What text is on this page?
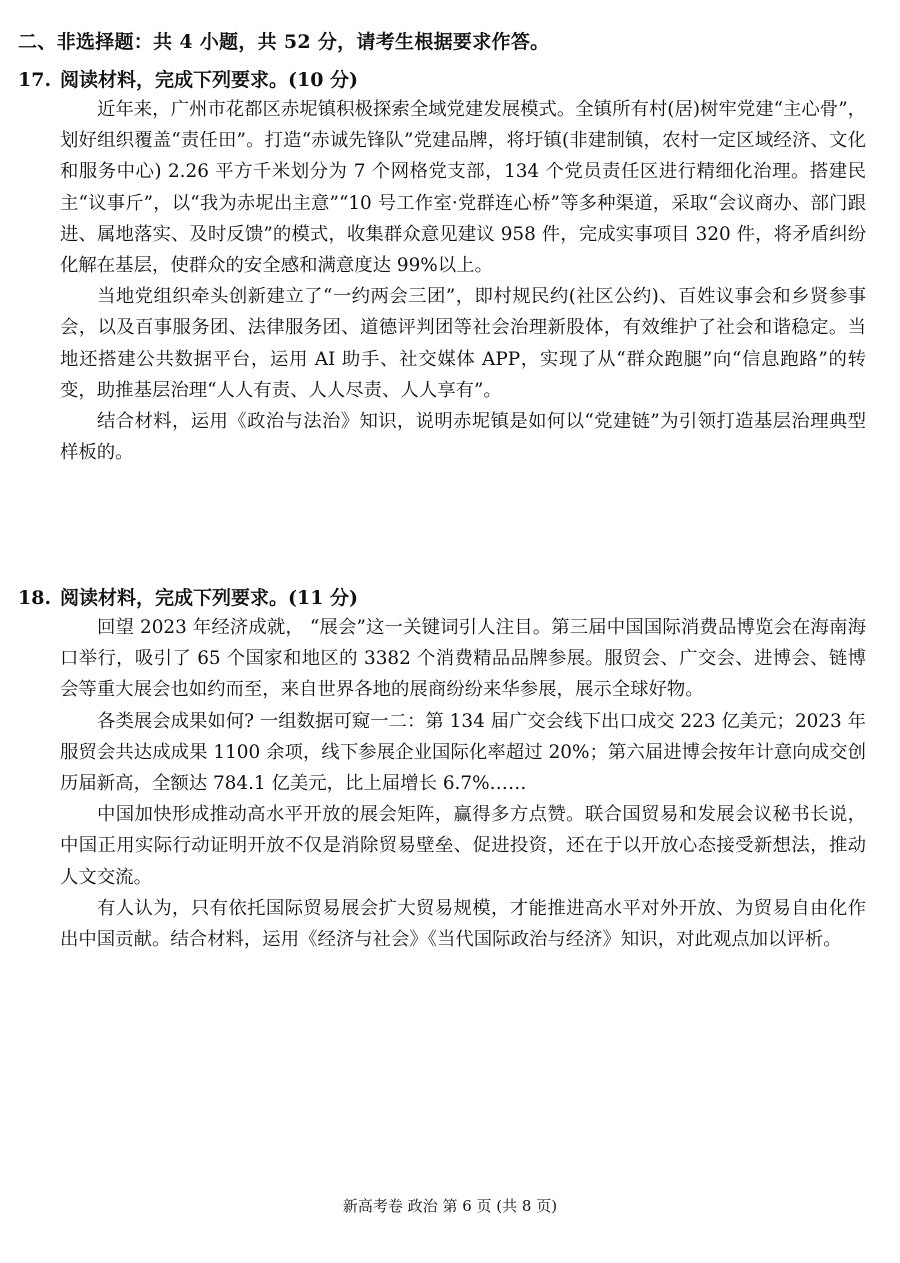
二、非选择题：共 4 小题，共 52 分，请考生根据要求作答。
17. 阅读材料，完成下列要求。(10 分)

近年来，广州市花都区赤坭镇积极探索全域党建发展模式。全镇所有村(居)树牢党建“主心骨”，划好组织覆盖“责任田”。打造“赤诚先锋队”党建品牌，将圩镇(非建制镇，农村一定区域经济、文化和服务中心) 2.26 平方千米划分为 7 个网格党支部，134 个党员责任区进行精细化治理。搭建民主“议事斤”，以“我为赤坭出主意”“10 号工作室·党群连心桥”等多种渠道，采取“会议商办、部门跟进、属地落实、及时反馈”的模式，收集群众意见建议 958 件，完成实事项目 320 件，将矛盾纠纷化解在基层，使群众的安全感和满意度达 99%以上。

当地党组织牵头创新建立了“一约两会三团”，即村规民约(社区公约)、百姓议事会和乡贤参事会，以及百事服务团、法律服务团、道德评判团等社会治理新股体，有效维护了社会和谐稳定。当地还搭建公共数据平台，运用 AI 助手、社交媒体 APP，实现了从“群众跑腿”向“信息跑路”的转变，助推基层治理“人人有责、人人尽责、人人享有”。

结合材料，运用《政治与法治》知识，说明赤坭镇是如何以“党建链”为引领打造基层治理典型样板的。

18. 阅读材料，完成下列要求。(11 分)

回望 2023 年经济成就， “展会”这一关键词引人注目。第三届中国国际消费品博览会在海南海口举行，吸引了 65 个国家和地区的 3382 个消费精品品牌参展。服贸会、广交会、进博会、链博会等重大展会也如约而至，来自世界各地的展商纷纷来华参展，展示全球好物。

各类展会成果如何? 一组数据可窥一二：第 134 届广交会线下出口成交 223 亿美元；2023 年服贸会共达成成果 1100 余项，线下参展企业国际化率超过 20%；第六届进博会按年计意向成交创历届新高，全额达 784.1 亿美元，比上届增长 6.7%……

中国加快形成推动高水平开放的展会矩阵，赢得多方点赞。联合国贸易和发展会议秘书长说，中国正用实际行动证明开放不仅是消除贸易壁垒、促进投资，还在于以开放心态接受新想法，推动人文交流。

有人认为，只有依托国际贸易展会扩大贸易规模，才能推进高水平对外开放、为贸易自由化作出中国贡献。结合材料，运用《经济与社会》《当代国际政治与经济》知识，对此观点加以评析。

新高考卷 政治 第 6 页 (共 8 页)
